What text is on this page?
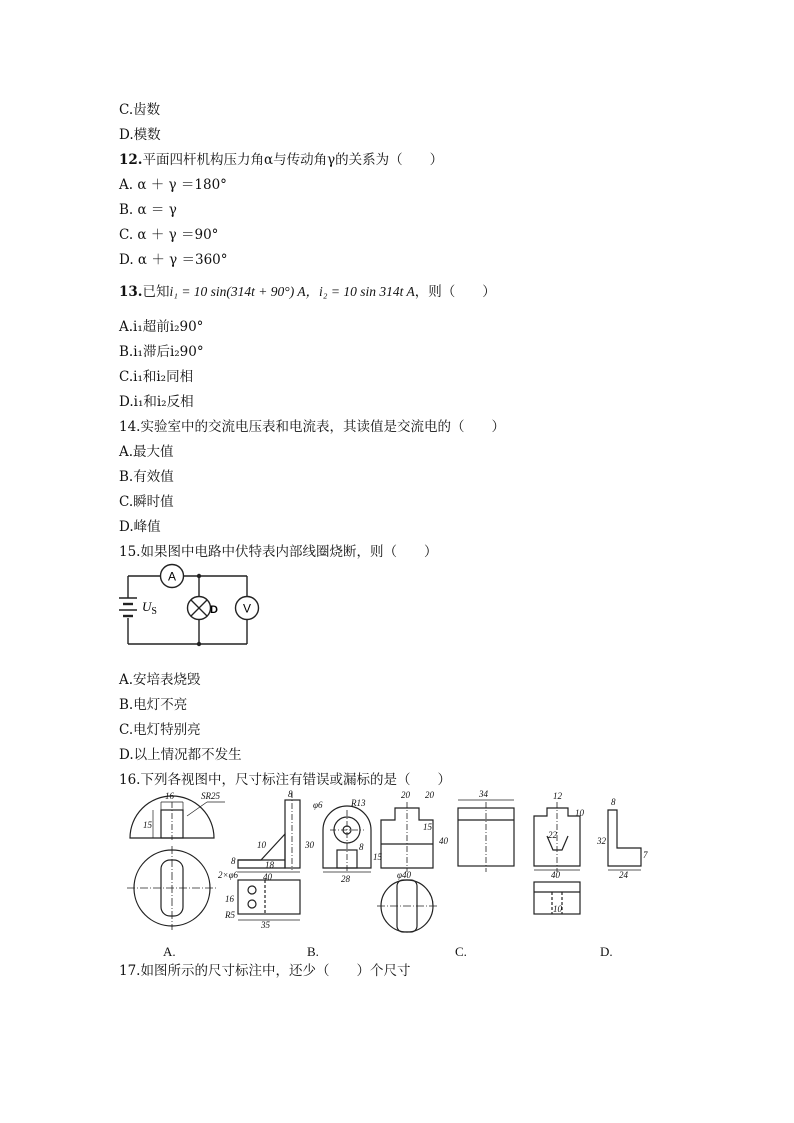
C.齿数
D.模数
12.平面四杆机构压力角α与传动角γ的关系为（　　）
A. α ＋ γ ＝180°
B. α ＝ γ
C. α ＋ γ ＝90°
D. α ＋ γ ＝360°
13.已知i₁ = 10 sin(314t + 90°) A，i₂ = 10 sin 314t A，则（　　）
A.i₁超前i₂90°
B.i₁滞后i₂90°
C.i₁和i₂同相
D.i₁和i₂反相
14.实验室中的交流电压表和电流表，其读值是交流电的（　　）
A.最大值
B.有效值
C.瞬时值
D.峰值
15.如果图中电路中伏特表内部线圈烧断，则（　　）
A
D V
$U_S$
A.安培表烧毁
B.电灯不亮
C.电灯特别亮
D.以上情况都不发生
16.下列各视图中，尺寸标注有错误或漏标的是（　　）
16	SR25
15
8
10
8	18
40
2×φ6
16
R5
35
φ6	R13
30	8
28
20 20
15
40
15
φ40
34	12
10
22
40
10
8
32
7
24
A.	B.	C.	D.
17.如图所示的尺寸标注中，还少（　　）个尺寸
